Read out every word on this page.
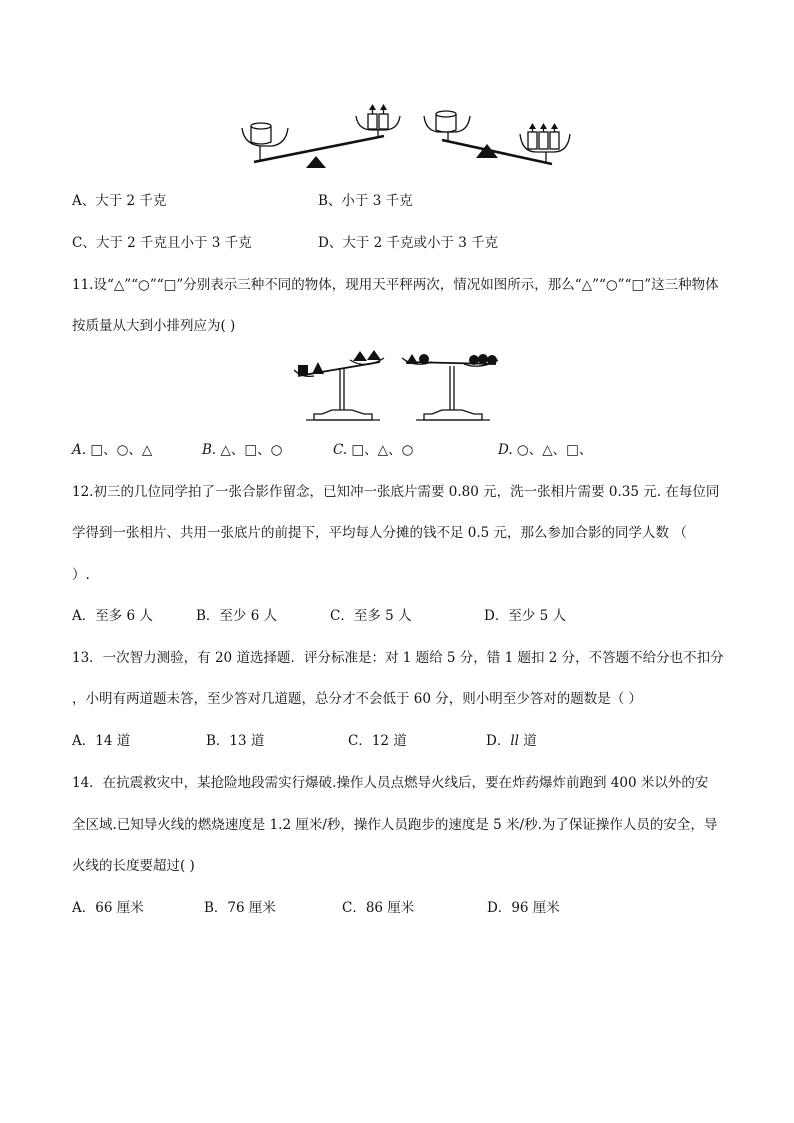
A、大于 2 千克	B、小于 3 千克
C、大于 2 千克且小于 3 千克	D、大于 2 千克或小于 3 千克
11.设“△”“○”“□”分别表示三种不同的物体，现用天平秤两次，情况如图所示，那么“△”“○”“□”这三种物体
按质量从大到小排列应为( )
A. □、○、△	B. △、□、○	C. □、△、○	D. ○、△、□、
12.初三的几位同学拍了一张合影作留念，已知冲一张底片需要 0.80 元，洗一张相片需要 0.35 元. 在每位同
学得到一张相片、共用一张底片的前提下，平均每人分摊的钱不足 0.5 元，那么参加合影的同学人数 （
）.
A．至多 6 人	B．至少 6 人	C．至多 5 人	D．至少 5 人
13．一次智力测验，有 20 道选择题．评分标准是：对 1 题给 5 分，错 1 题扣 2 分，不答题不给分也不扣分
，小明有两道题未答，至少答对几道题，总分才不会低于 60 分，则小明至少答对的题数是（ ）
A．14 道	B．13 道	C．12 道	D．ll 道
14．在抗震救灾中，某抢险地段需实行爆破.操作人员点燃导火线后，要在炸药爆炸前跑到 400 米以外的安
全区域.已知导火线的燃烧速度是 1.2 厘米/秒，操作人员跑步的速度是 5 米/秒.为了保证操作人员的安全，导
火线的长度要超过( )
A．66 厘米	B．76 厘米	C．86 厘米	D．96 厘米
